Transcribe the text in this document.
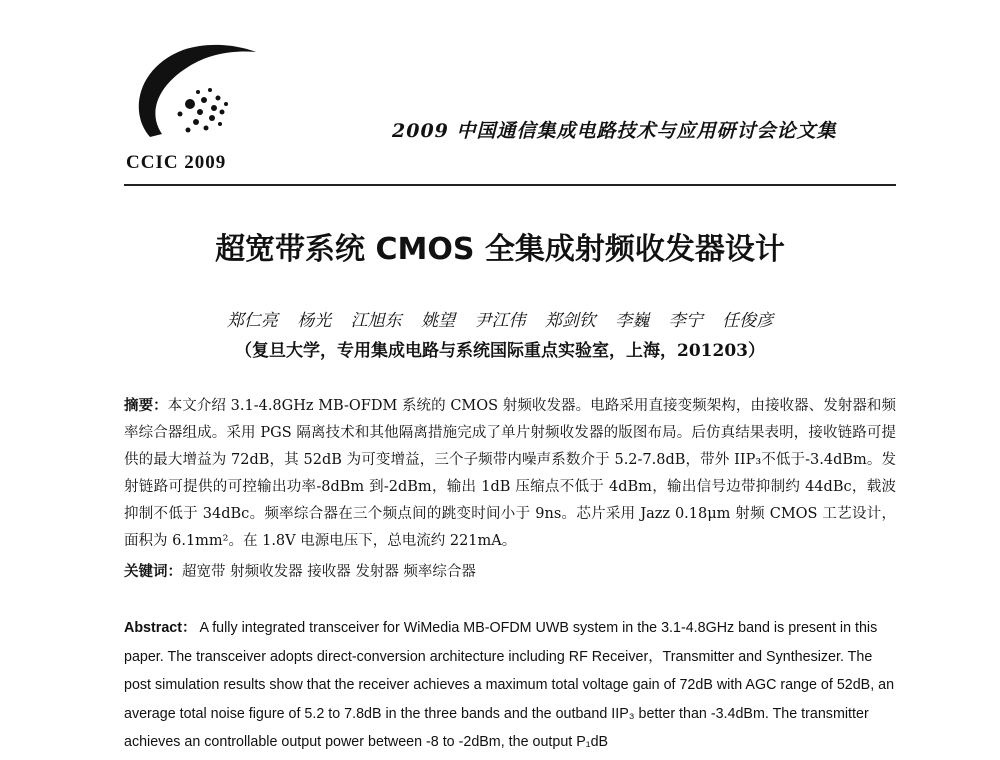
CCIC 2009
2009 中国通信集成电路技术与应用研讨会论文集
超宽带系统 CMOS 全集成射频收发器设计
郑仁亮 杨光 江旭东 姚望 尹江伟 郑剑钦 李巍 李宁 任俊彦
（复旦大学，专用集成电路与系统国际重点实验室，上海，201203）
摘要：本文介绍 3.1-4.8GHz MB-OFDM 系统的 CMOS 射频收发器。电路采用直接变频架构，由接收器、发射器和频率综合器组成。采用 PGS 隔离技术和其他隔离措施完成了单片射频收发器的版图布局。后仿真结果表明，接收链路可提供的最大增益为 72dB，其 52dB 为可变增益，三个子频带内噪声系数介于 5.2-7.8dB，带外 IIP₃不低于-3.4dBm。发射链路可提供的可控输出功率-8dBm 到-2dBm，输出 1dB 压缩点不低于 4dBm，输出信号边带抑制约 44dBc，载波抑制不低于 34dBc。频率综合器在三个频点间的跳变时间小于 9ns。芯片采用 Jazz 0.18μm 射频 CMOS 工艺设计，面积为 6.1mm²。在 1.8V 电源电压下，总电流约 221mA。
关键词：超宽带 射频收发器 接收器 发射器 频率综合器
Abstract： A fully integrated transceiver for WiMedia MB-OFDM UWB system in the 3.1-4.8GHz band is present in this paper. The transceiver adopts direct-conversion architecture including RF Receiver，Transmitter and Synthesizer. The post simulation results show that the receiver achieves a maximum total voltage gain of 72dB with AGC range of 52dB, an average total noise figure of 5.2 to 7.8dB in the three bands and the outband IIP₃ better than -3.4dBm. The transmitter achieves an controllable output power between -8 to -2dBm, the output P₁dB
